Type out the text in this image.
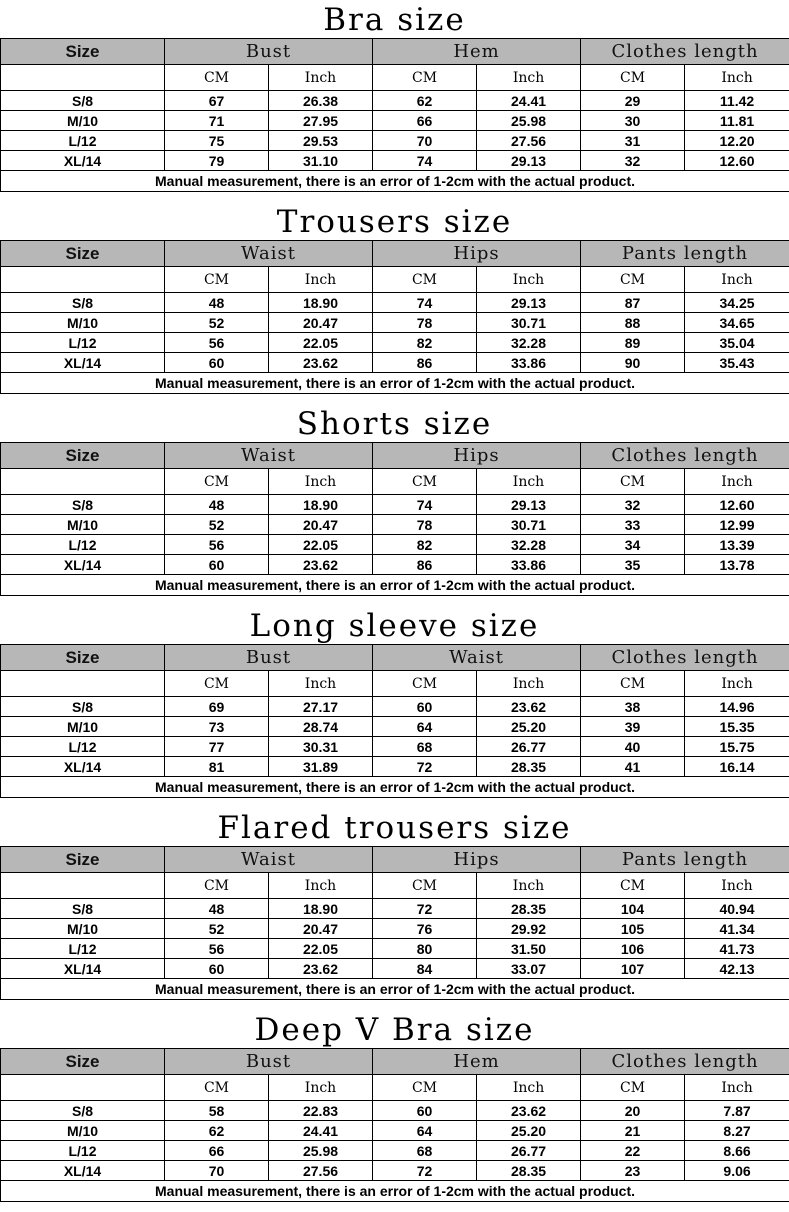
Bra size
Size	Bust		Hem		Clothes length	
	CM	Inch	CM	Inch	CM	Inch
S/8	67	26.38	62	24.41	29	11.42
M/10	71	27.95	66	25.98	30	11.81
L/12	75	29.53	70	27.56	31	12.20
XL/14	79	31.10	74	29.13	32	12.60
Manual measurement, there is an error of 1-2cm with the actual product.						
Trousers size
Size	Waist		Hips		Pants length	
	CM	Inch	CM	Inch	CM	Inch
S/8	48	18.90	74	29.13	87	34.25
M/10	52	20.47	78	30.71	88	34.65
L/12	56	22.05	82	32.28	89	35.04
XL/14	60	23.62	86	33.86	90	35.43
Manual measurement, there is an error of 1-2cm with the actual product.						
Shorts size
Size	Waist		Hips		Clothes length	
	CM	Inch	CM	Inch	CM	Inch
S/8	48	18.90	74	29.13	32	12.60
M/10	52	20.47	78	30.71	33	12.99
L/12	56	22.05	82	32.28	34	13.39
XL/14	60	23.62	86	33.86	35	13.78
Manual measurement, there is an error of 1-2cm with the actual product.						
Long sleeve size
Size	Bust		Waist		Clothes length	
	CM	Inch	CM	Inch	CM	Inch
S/8	69	27.17	60	23.62	38	14.96
M/10	73	28.74	64	25.20	39	15.35
L/12	77	30.31	68	26.77	40	15.75
XL/14	81	31.89	72	28.35	41	16.14
Manual measurement, there is an error of 1-2cm with the actual product.						
Flared trousers size
Size	Waist		Hips		Pants length	
	CM	Inch	CM	Inch	CM	Inch
S/8	48	18.90	72	28.35	104	40.94
M/10	52	20.47	76	29.92	105	41.34
L/12	56	22.05	80	31.50	106	41.73
XL/14	60	23.62	84	33.07	107	42.13
Manual measurement, there is an error of 1-2cm with the actual product.						
Deep V Bra size
Size	Bust		Hem		Clothes length	
	CM	Inch	CM	Inch	CM	Inch
S/8	58	22.83	60	23.62	20	7.87
M/10	62	24.41	64	25.20	21	8.27
L/12	66	25.98	68	26.77	22	8.66
XL/14	70	27.56	72	28.35	23	9.06
Manual measurement, there is an error of 1-2cm with the actual product.						
